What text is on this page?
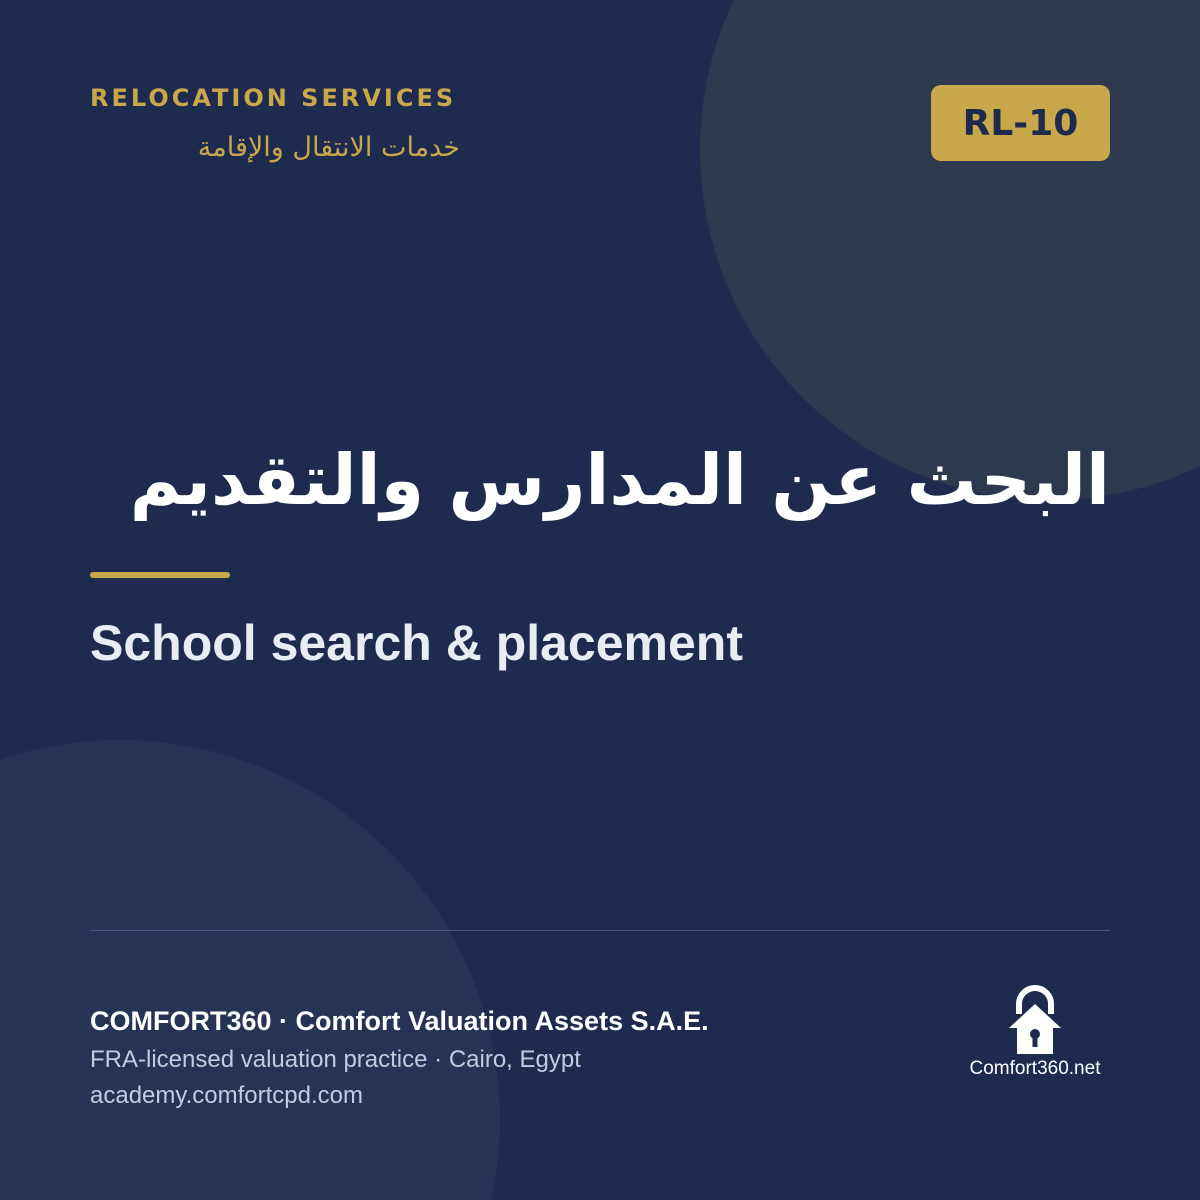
RELOCATION SERVICES
خدمات الانتقال والإقامة
RL-10
البحث عن المدارس والتقديم
School search & placement
COMFORT360 · Comfort Valuation Assets S.A.E.
FRA-licensed valuation practice · Cairo, Egypt
academy.comfortcpd.com
Comfort360.net
